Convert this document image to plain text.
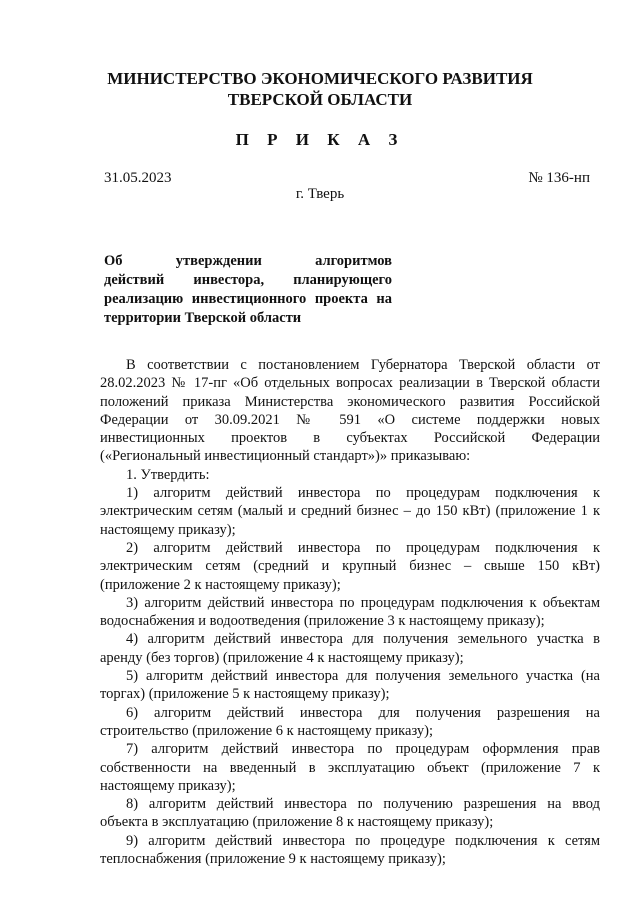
МИНИСТЕРСТВО ЭКОНОМИЧЕСКОГО РАЗВИТИЯ
ТВЕРСКОЙ ОБЛАСТИ
П Р И К А З
31.05.2023	№ 136-нп
г. Тверь
Об утверждении алгоритмов
действий инвестора, планирующего
реализацию инвестиционного проекта на
территории Тверской области
В соответствии с постановлением Губернатора Тверской области от
28.02.2023 № 17-пг «Об отдельных вопросах реализации в Тверской области
положений приказа Министерства экономического развития Российской
Федерации от 30.09.2021 № 591 «О системе поддержки новых
инвестиционных проектов в субъектах Российской Федерации
(«Региональный инвестиционный стандарт»)» приказываю:
1. Утвердить:
1) алгоритм действий инвестора по процедурам подключения к
электрическим сетям (малый и средний бизнес – до 150 кВт) (приложение 1 к
настоящему приказу);
2) алгоритм действий инвестора по процедурам подключения к
электрическим сетям (средний и крупный бизнес – свыше 150 кВт)
(приложение 2 к настоящему приказу);
3) алгоритм действий инвестора по процедурам подключения к объектам
водоснабжения и водоотведения (приложение 3 к настоящему приказу);
4) алгоритм действий инвестора для получения земельного участка в
аренду (без торгов) (приложение 4 к настоящему приказу);
5) алгоритм действий инвестора для получения земельного участка (на
торгах) (приложение 5 к настоящему приказу);
6) алгоритм действий инвестора для получения разрешения на
строительство (приложение 6 к настоящему приказу);
7) алгоритм действий инвестора по процедурам оформления прав
собственности на введенный в эксплуатацию объект (приложение 7 к
настоящему приказу);
8) алгоритм действий инвестора по получению разрешения на ввод
объекта в эксплуатацию (приложение 8 к настоящему приказу);
9) алгоритм действий инвестора по процедуре подключения к сетям
теплоснабжения (приложение 9 к настоящему приказу);
